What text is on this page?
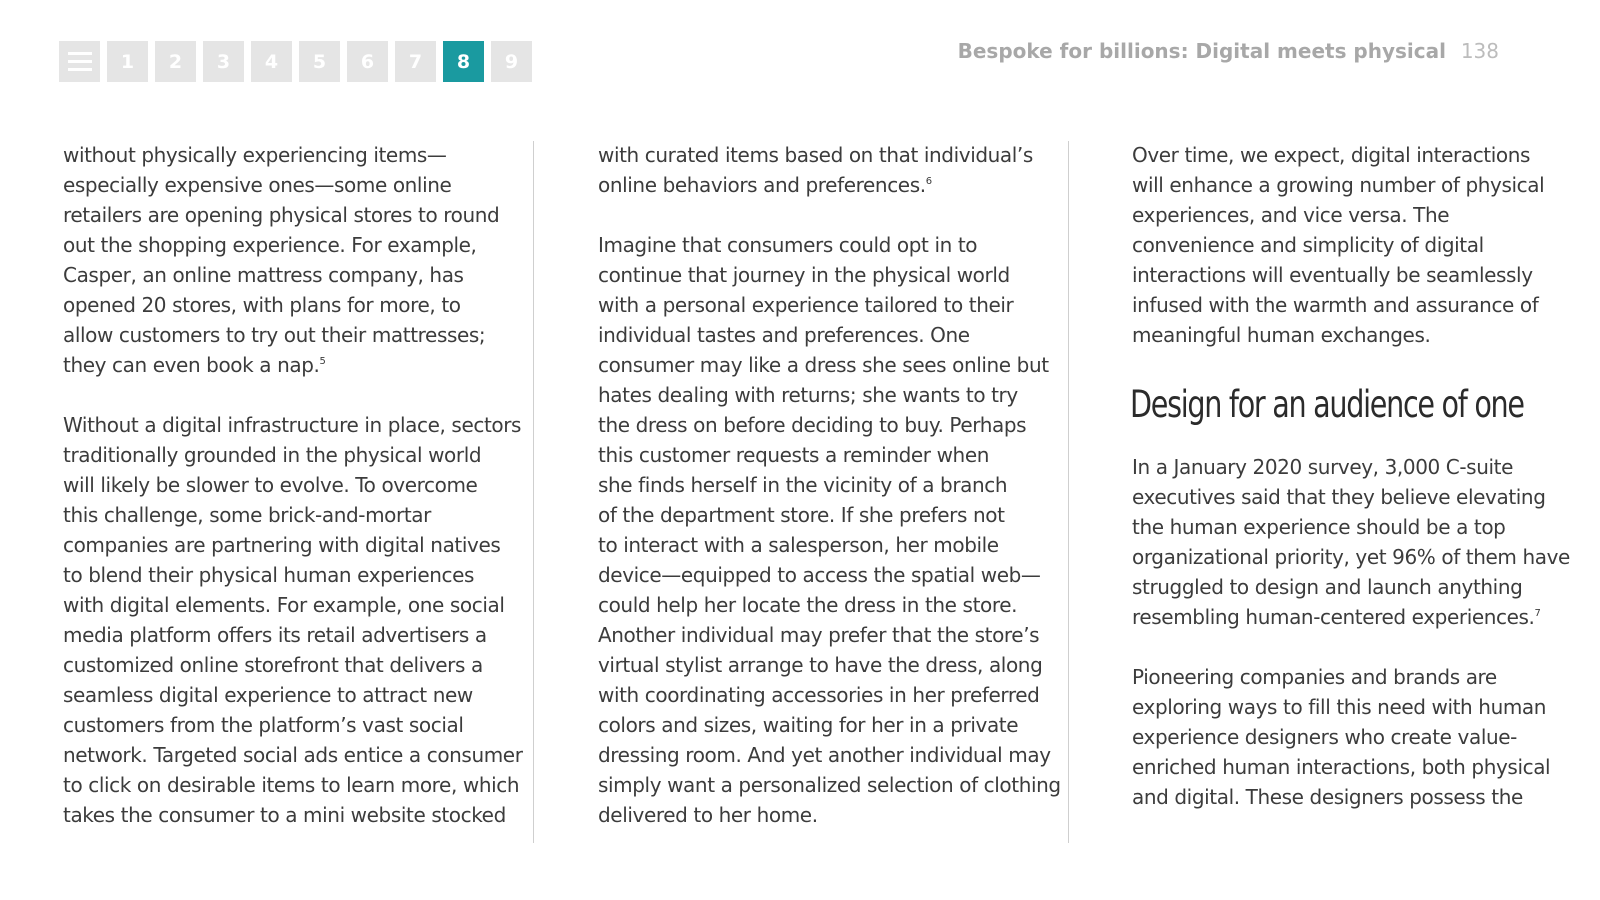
1	2	3	4	5	6	7	8	9	Bespoke for billions: Digital meets physical 138

without physically experiencing items—
especially expensive ones—some online
retailers are opening physical stores to round
out the shopping experience. For example,
Casper, an online mattress company, has
opened 20 stores, with plans for more, to
allow customers to try out their mattresses;
they can even book a nap.$^5$

Without a digital infrastructure in place, sectors
traditionally grounded in the physical world
will likely be slower to evolve. To overcome
this challenge, some brick-and-mortar
companies are partnering with digital natives
to blend their physical human experiences
with digital elements. For example, one social
media platform offers its retail advertisers a
customized online storefront that delivers a
seamless digital experience to attract new
customers from the platform’s vast social
network. Targeted social ads entice a consumer
to click on desirable items to learn more, which
takes the consumer to a mini website stocked

with curated items based on that individual’s
online behaviors and preferences.$^6$

Imagine that consumers could opt in to
continue that journey in the physical world
with a personal experience tailored to their
individual tastes and preferences. One
consumer may like a dress she sees online but
hates dealing with returns; she wants to try
the dress on before deciding to buy. Perhaps
this customer requests a reminder when
she finds herself in the vicinity of a branch
of the department store. If she prefers not
to interact with a salesperson, her mobile
device—equipped to access the spatial web—
could help her locate the dress in the store.
Another individual may prefer that the store’s
virtual stylist arrange to have the dress, along
with coordinating accessories in her preferred
colors and sizes, waiting for her in a private
dressing room. And yet another individual may
simply want a personalized selection of clothing
delivered to her home.

Over time, we expect, digital interactions
will enhance a growing number of physical
experiences, and vice versa. The
convenience and simplicity of digital
interactions will eventually be seamlessly
infused with the warmth and assurance of
meaningful human exchanges.

Design for an audience of one

In a January 2020 survey, 3,000 C-suite
executives said that they believe elevating
the human experience should be a top
organizational priority, yet 96% of them have
struggled to design and launch anything
resembling human-centered experiences.$^7$

Pioneering companies and brands are
exploring ways to fill this need with human
experience designers who create value-
enriched human interactions, both physical
and digital. These designers possess the
